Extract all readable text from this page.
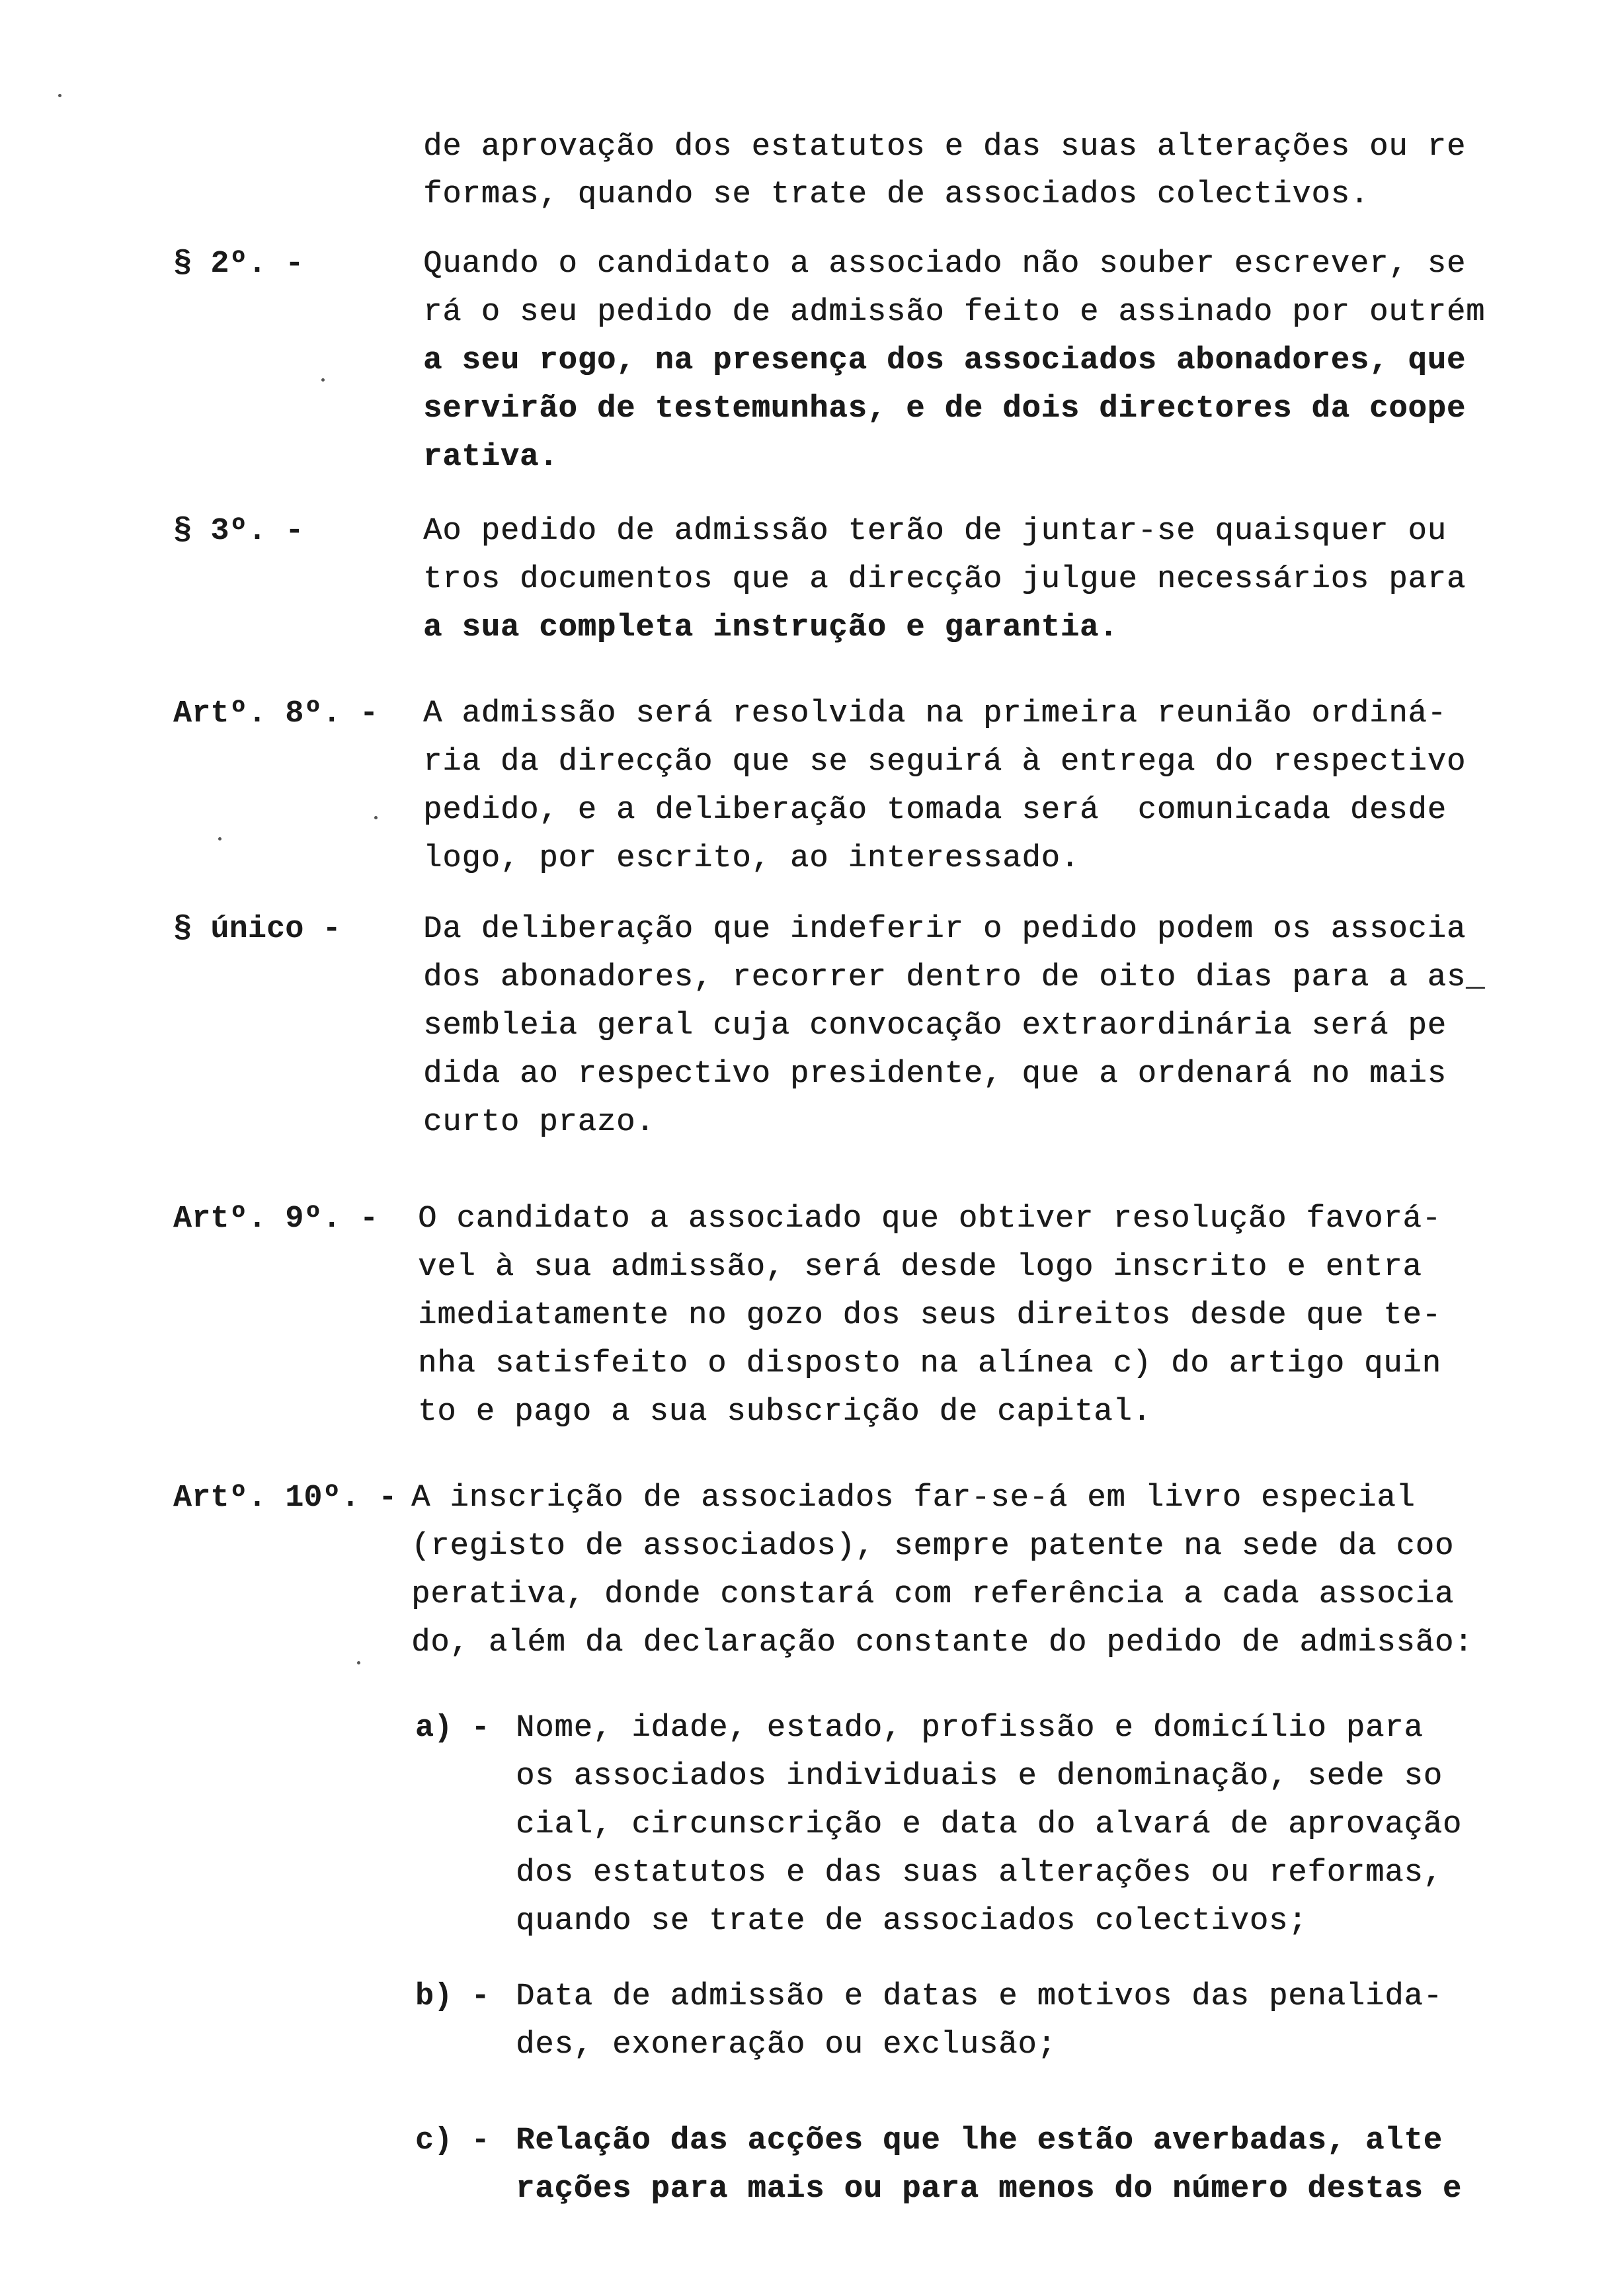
de aprovação dos estatutos e das suas alterações ou re
formas, quando se trate de associados colectivos.
§ 2º. -	Quando o candidato a associado não souber escrever, se
rá o seu pedido de admissão feito e assinado por outrém
a seu rogo, na presença dos associados abonadores, que
servirão de testemunhas, e de dois directores da coope
rativa.
§ 3º. -	Ao pedido de admissão terão de juntar-se quaisquer ou
tros documentos que a direcção julgue necessários para
a sua completa instrução e garantia.
Artº. 8º. - A admissão será resolvida na primeira reunião ordiná-
ria da direcção que se seguirá à entrega do respectivo
pedido, e a deliberação tomada será  comunicada desde
logo, por escrito, ao interessado.
§ único -	Da deliberação que indeferir o pedido podem os associa
dos abonadores, recorrer dentro de oito dias para a as_
sembleia geral cuja convocação extraordinária será pe
dida ao respectivo presidente, que a ordenará no mais
curto prazo.
Artº. 9º. - O candidato a associado que obtiver resolução favorá-
vel à sua admissão, será desde logo inscrito e entra
imediatamente no gozo dos seus direitos desde que te-
nha satisfeito o disposto na alínea c) do artigo quin
to e pago a sua subscrição de capital.
Artº. 10º. - A inscrição de associados far-se-á em livro especial
(registo de associados), sempre patente na sede da coo
perativa, donde constará com referência a cada associa
do, além da declaração constante do pedido de admissão:
a) - Nome, idade, estado, profissão e domicílio para
os associados individuais e denominação, sede so
cial, circunscrição e data do alvará de aprovação
dos estatutos e das suas alterações ou reformas,
quando se trate de associados colectivos;
b) - Data de admissão e datas e motivos das penalida-
des, exoneração ou exclusão;
c) - Relação das acções que lhe estão averbadas, alte
rações para mais ou para menos do número destas e
